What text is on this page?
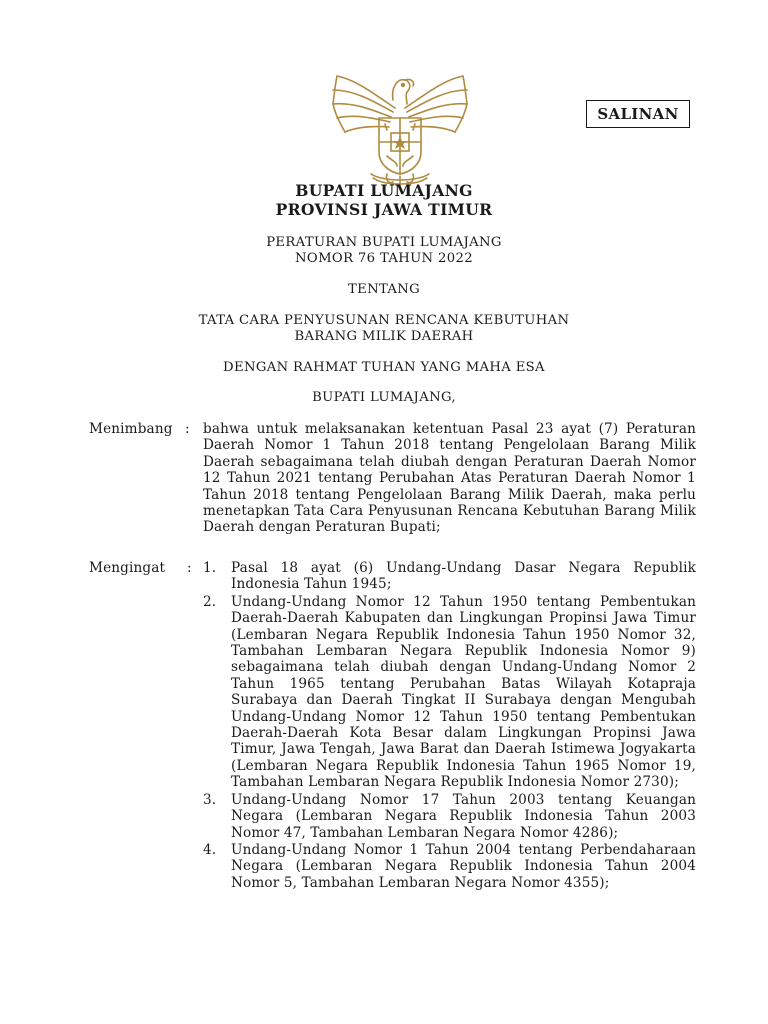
SALINAN
BUPATI LUMAJANG
PROVINSI JAWA TIMUR
PERATURAN BUPATI LUMAJANG
NOMOR 76 TAHUN 2022
TENTANG
TATA CARA PENYUSUNAN RENCANA KEBUTUHAN
BARANG MILIK DAERAH
DENGAN RAHMAT TUHAN YANG MAHA ESA
BUPATI LUMAJANG,
Menimbang : bahwa untuk melaksanakan ketentuan Pasal 23 ayat (7) Peraturan Daerah Nomor 1 Tahun 2018 tentang Pengelolaan Barang Milik Daerah sebagaimana telah diubah dengan Peraturan Daerah Nomor 12 Tahun 2021 tentang Perubahan Atas Peraturan Daerah Nomor 1 Tahun 2018 tentang Pengelolaan Barang Milik Daerah, maka perlu menetapkan Tata Cara Penyusunan Rencana Kebutuhan Barang Milik Daerah dengan Peraturan Bupati;
Mengingat : 1.	Pasal 18 ayat (6) Undang-Undang Dasar Negara Republik Indonesia Tahun 1945;
2.	Undang-Undang Nomor 12 Tahun 1950 tentang Pembentukan Daerah-Daerah Kabupaten dan Lingkungan Propinsi Jawa Timur (Lembaran Negara Republik Indonesia Tahun 1950 Nomor 32, Tambahan Lembaran Negara Republik Indonesia Nomor 9) sebagaimana telah diubah dengan Undang-Undang Nomor 2 Tahun 1965 tentang Perubahan Batas Wilayah Kotapraja Surabaya dan Daerah Tingkat II Surabaya dengan Mengubah Undang-Undang Nomor 12 Tahun 1950 tentang Pembentukan Daerah-Daerah Kota Besar dalam Lingkungan Propinsi Jawa Timur, Jawa Tengah, Jawa Barat dan Daerah Istimewa Jogyakarta (Lembaran Negara Republik Indonesia Tahun 1965 Nomor 19, Tambahan Lembaran Negara Republik Indonesia Nomor 2730);
3.	Undang-Undang Nomor 17 Tahun 2003 tentang Keuangan Negara (Lembaran Negara Republik Indonesia Tahun 2003 Nomor 47, Tambahan Lembaran Negara Nomor 4286);
4.	Undang-Undang Nomor 1 Tahun 2004 tentang Perbendaharaan Negara (Lembaran Negara Republik Indonesia Tahun 2004 Nomor 5, Tambahan Lembaran Negara Nomor 4355);
